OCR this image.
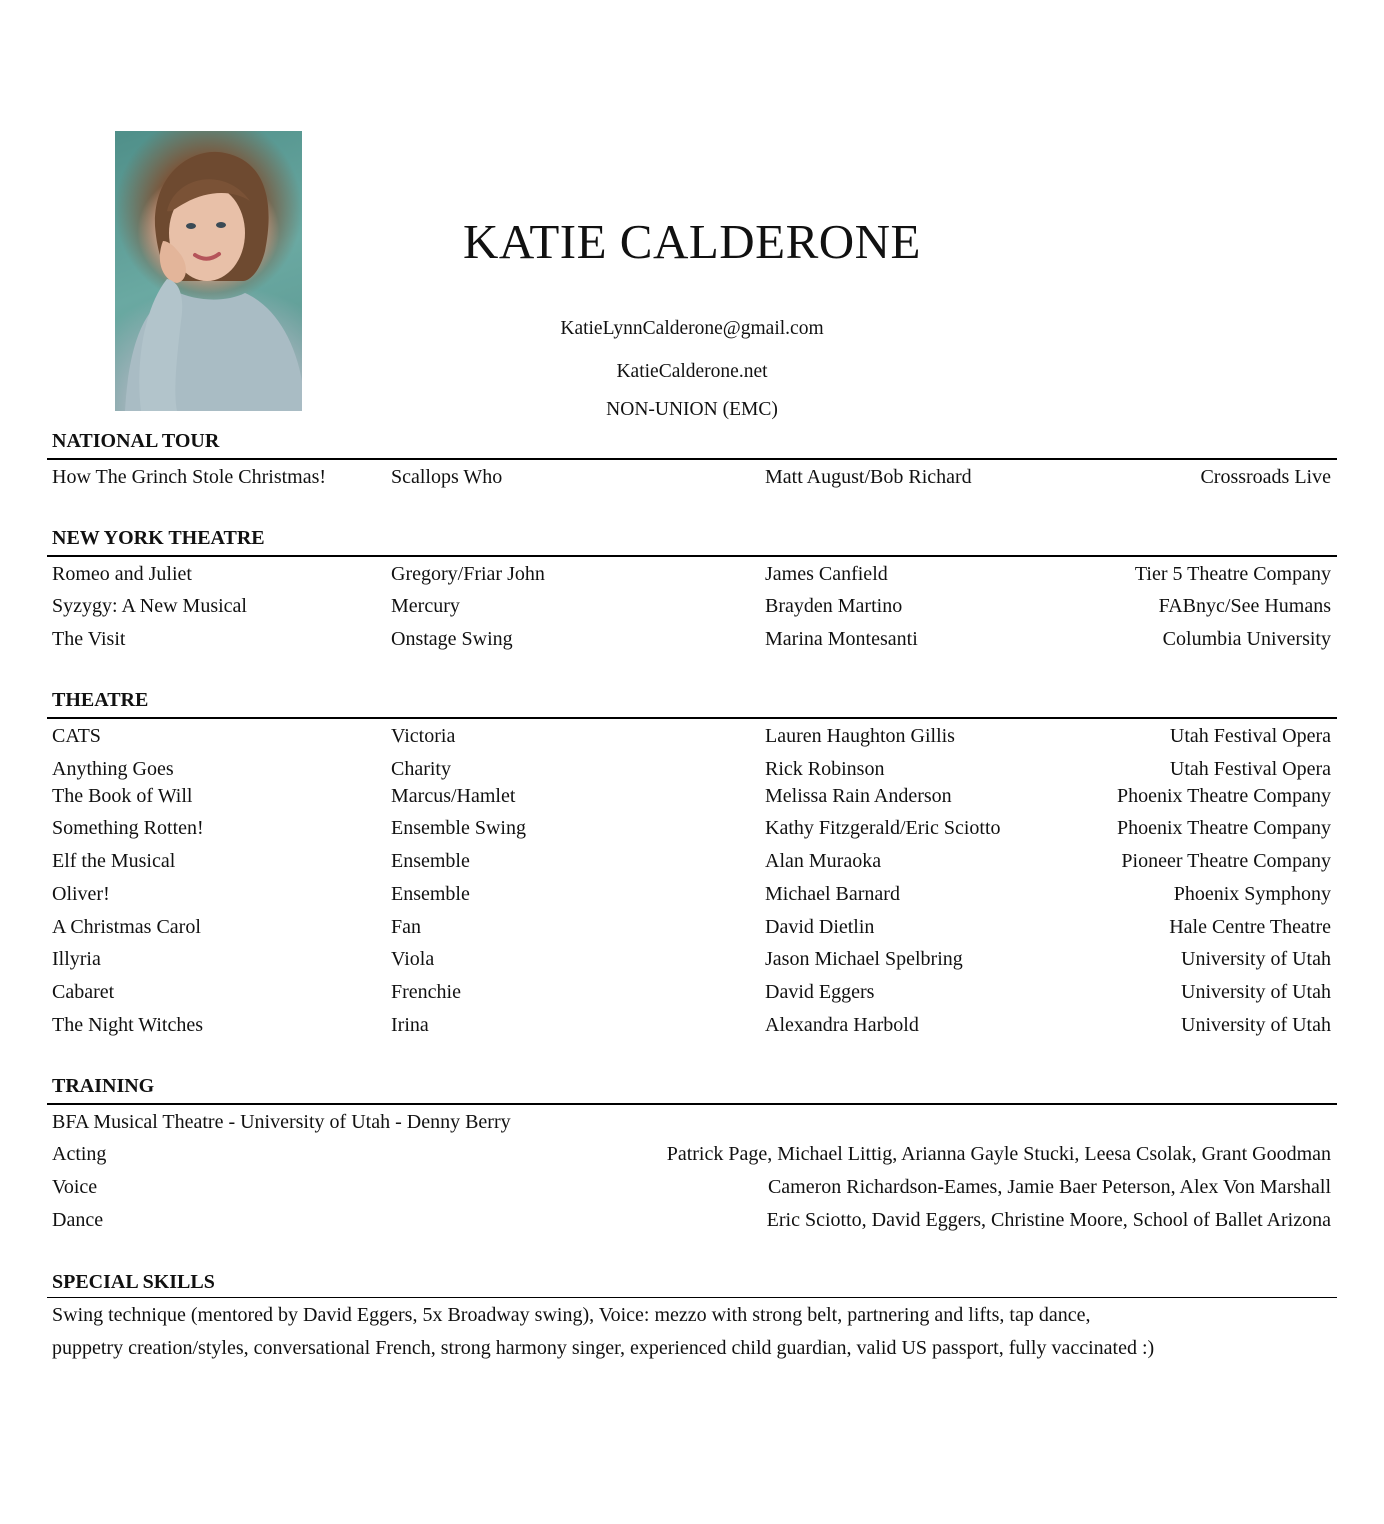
KATIE CALDERONE
KatieLynnCalderone@gmail.com
KatieCalderone.net
NON-UNION (EMC)
NATIONAL TOUR
How The Grinch Stole Christmas!	Scallops Who	Matt August/Bob Richard	Crossroads Live
NEW YORK THEATRE
Romeo and Juliet	Gregory/Friar John	James Canfield	Tier 5 Theatre Company
Syzygy: A New Musical	Mercury	Brayden Martino	FABnyc/See Humans
The Visit	Onstage Swing	Marina Montesanti	Columbia University
THEATRE
CATS	Victoria	Lauren Haughton Gillis	Utah Festival Opera
Anything Goes	Charity	Rick Robinson	Utah Festival Opera
The Book of Will	Marcus/Hamlet	Melissa Rain Anderson	Phoenix Theatre Company
Something Rotten!	Ensemble Swing	Kathy Fitzgerald/Eric Sciotto	Phoenix Theatre Company
Elf the Musical	Ensemble	Alan Muraoka	Pioneer Theatre Company
Oliver!	Ensemble	Michael Barnard	Phoenix Symphony
A Christmas Carol	Fan	David Dietlin	Hale Centre Theatre
Illyria	Viola	Jason Michael Spelbring	University of Utah
Cabaret	Frenchie	David Eggers	University of Utah
The Night Witches	Irina	Alexandra Harbold	University of Utah
TRAINING
BFA Musical Theatre - University of Utah - Denny Berry
Acting	Patrick Page, Michael Littig, Arianna Gayle Stucki, Leesa Csolak, Grant Goodman
Voice	Cameron Richardson-Eames, Jamie Baer Peterson, Alex Von Marshall
Dance	Eric Sciotto, David Eggers, Christine Moore, School of Ballet Arizona
SPECIAL SKILLS
Swing technique (mentored by David Eggers, 5x Broadway swing), Voice: mezzo with strong belt, partnering and lifts, tap dance,
puppetry creation/styles, conversational French, strong harmony singer, experienced child guardian, valid US passport, fully vaccinated :)
